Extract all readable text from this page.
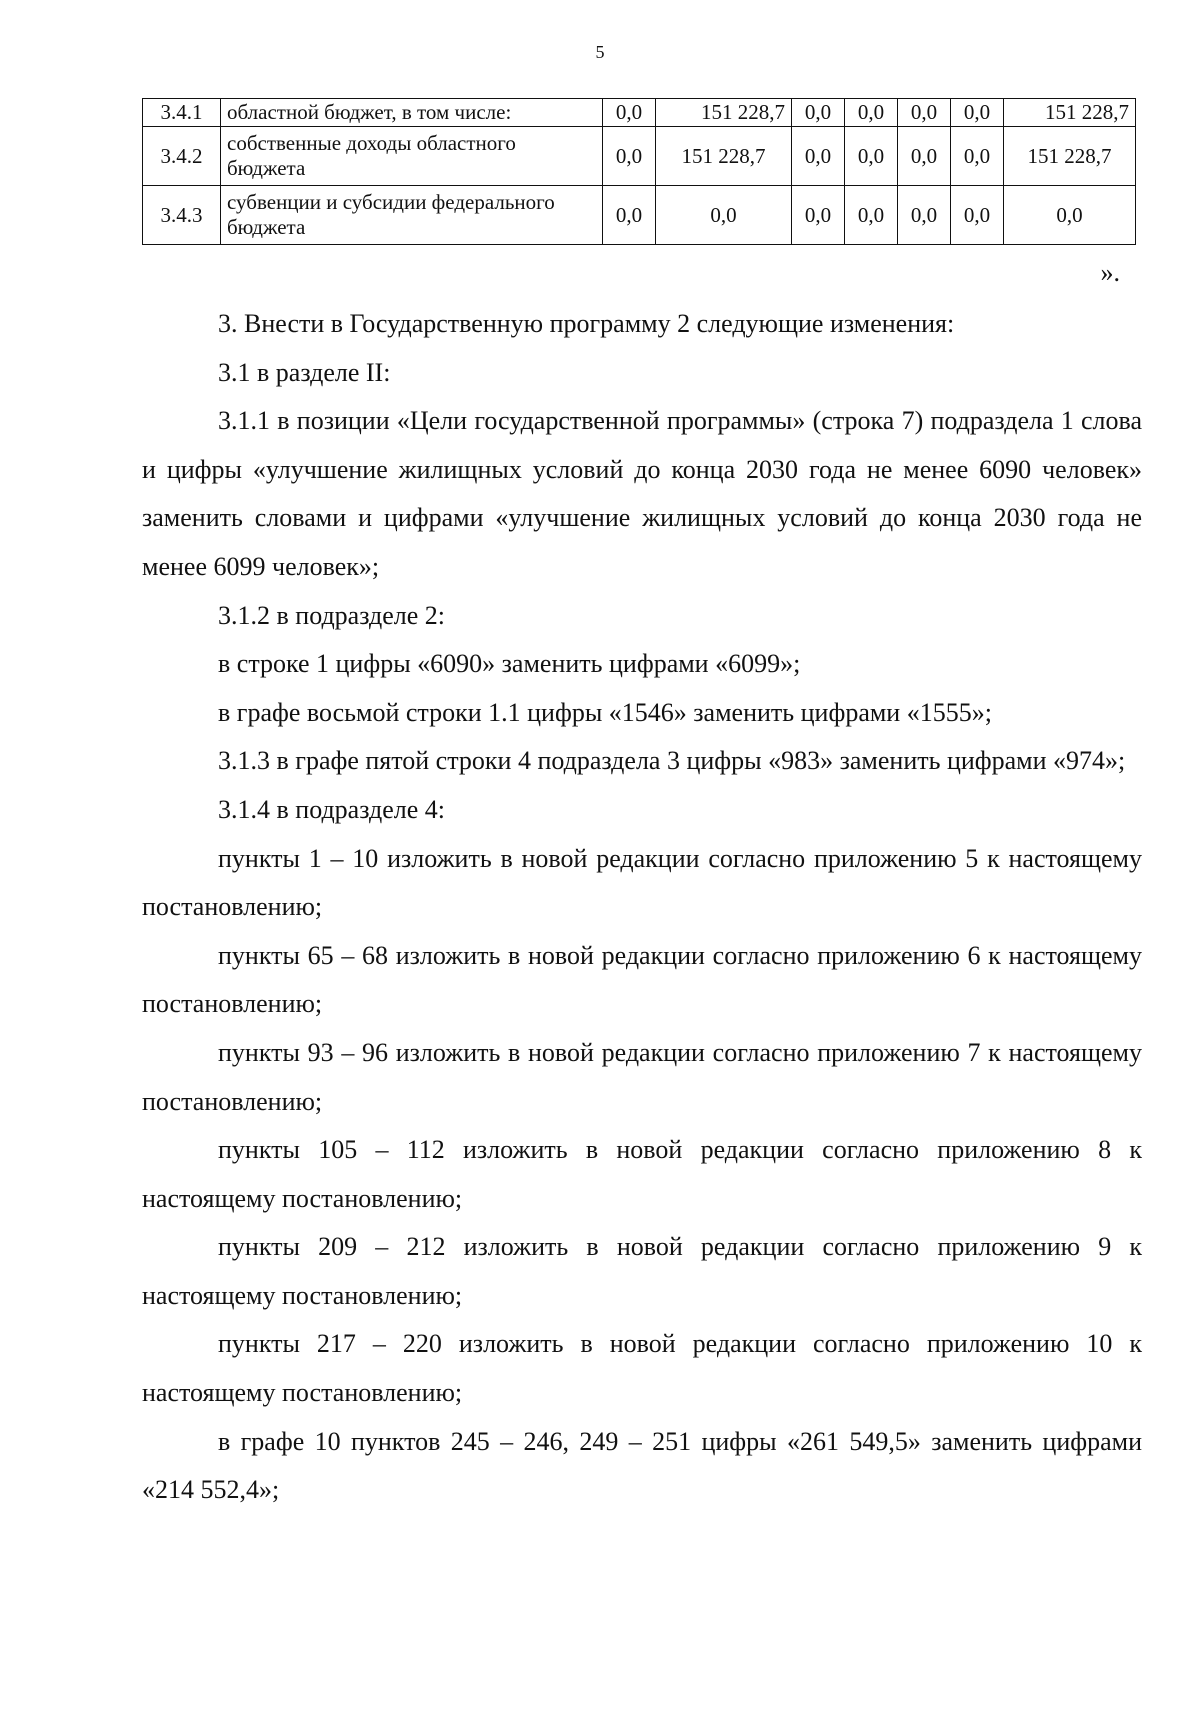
5
3.4.1	областной бюджет, в том числе:	0,0	151 228,7	0,0	0,0	0,0	0,0	151 228,7
3.4.2	собственные доходы областного бюджета	0,0	151 228,7	0,0	0,0	0,0	0,0	151 228,7
3.4.3	субвенции и субсидии федерального бюджета	0,0	0,0	0,0	0,0	0,0	0,0	0,0
».

3. Внести в Государственную программу 2 следующие изменения:

3.1 в разделе II:

3.1.1 в позиции «Цели государственной программы» (строка 7) подраздела 1 слова и цифры «улучшение жилищных условий до конца 2030 года не менее 6090 человек» заменить словами и цифрами «улучшение жилищных условий до конца 2030 года не менее 6099 человек»;

3.1.2 в подразделе 2:

в строке 1 цифры «6090» заменить цифрами «6099»;

в графе восьмой строки 1.1 цифры «1546» заменить цифрами «1555»;

3.1.3 в графе пятой строки 4 подраздела 3 цифры «983» заменить цифрами «974»;

3.1.4 в подразделе 4:

пункты 1 – 10 изложить в новой редакции согласно приложению 5 к настоящему постановлению;

пункты 65 – 68 изложить в новой редакции согласно приложению 6 к настоящему постановлению;

пункты 93 – 96 изложить в новой редакции согласно приложению 7 к настоящему постановлению;

пункты 105 – 112 изложить в новой редакции согласно приложению 8 к настоящему постановлению;

пункты 209 – 212 изложить в новой редакции согласно приложению 9 к настоящему постановлению;

пункты 217 – 220 изложить в новой редакции согласно приложению 10 к настоящему постановлению;

в графе 10 пунктов 245 – 246, 249 – 251 цифры «261 549,5» заменить цифрами «214 552,4»;
